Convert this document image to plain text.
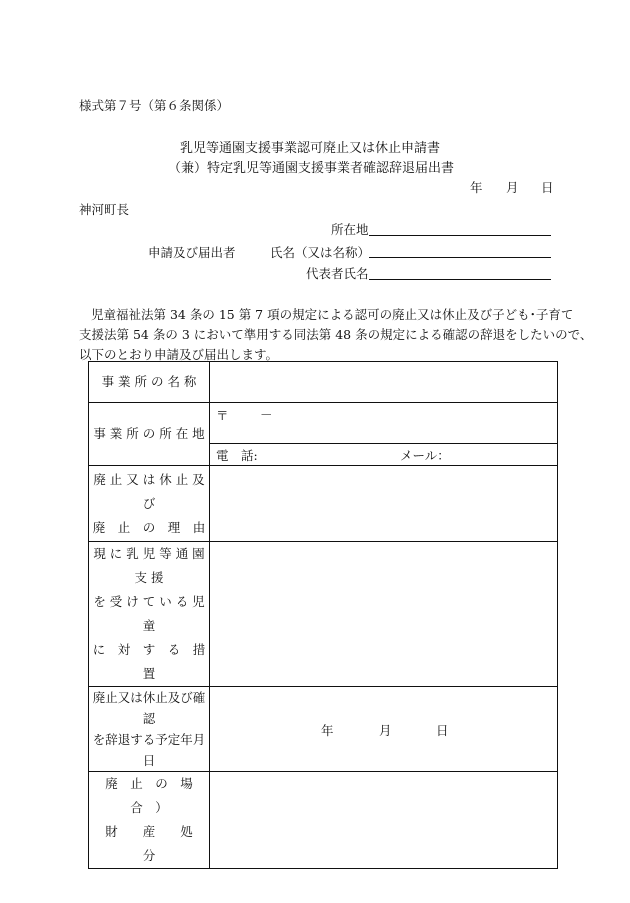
様式第７号（第６条関係）
乳児等通園支援事業認可廃止又は休止申請書
（兼）特定乳児等通園支援事業者確認辞退届出書
年 月 日
神河町長
所在地
申請及び届出者	氏名（又は名称）
代表者氏名
児童福祉法第 34 条の 15 第 7 項の規定による認可の廃止又は休止及び子ども･子育て
支援法第 54 条の 3 において準用する同法第 48 条の規定による確認の辞退をしたいので、
以下のとおり申請及び届出します。
事 業 所 の 名 称	
事 業 所 の 所 在 地	〒 －
電　話: メール：

廃 止 又 は 休 止 及 び
廃　止　の　理　由	

現 に 乳 児 等 通 園 支 援
を 受 け て い る 児 童
に　対　す　る　措　置	

廃止又は休止及び確
認
を辞退する予定年月
日	年 月 日

廃　止　の　場　合　）
財　　産　　処　　分	
